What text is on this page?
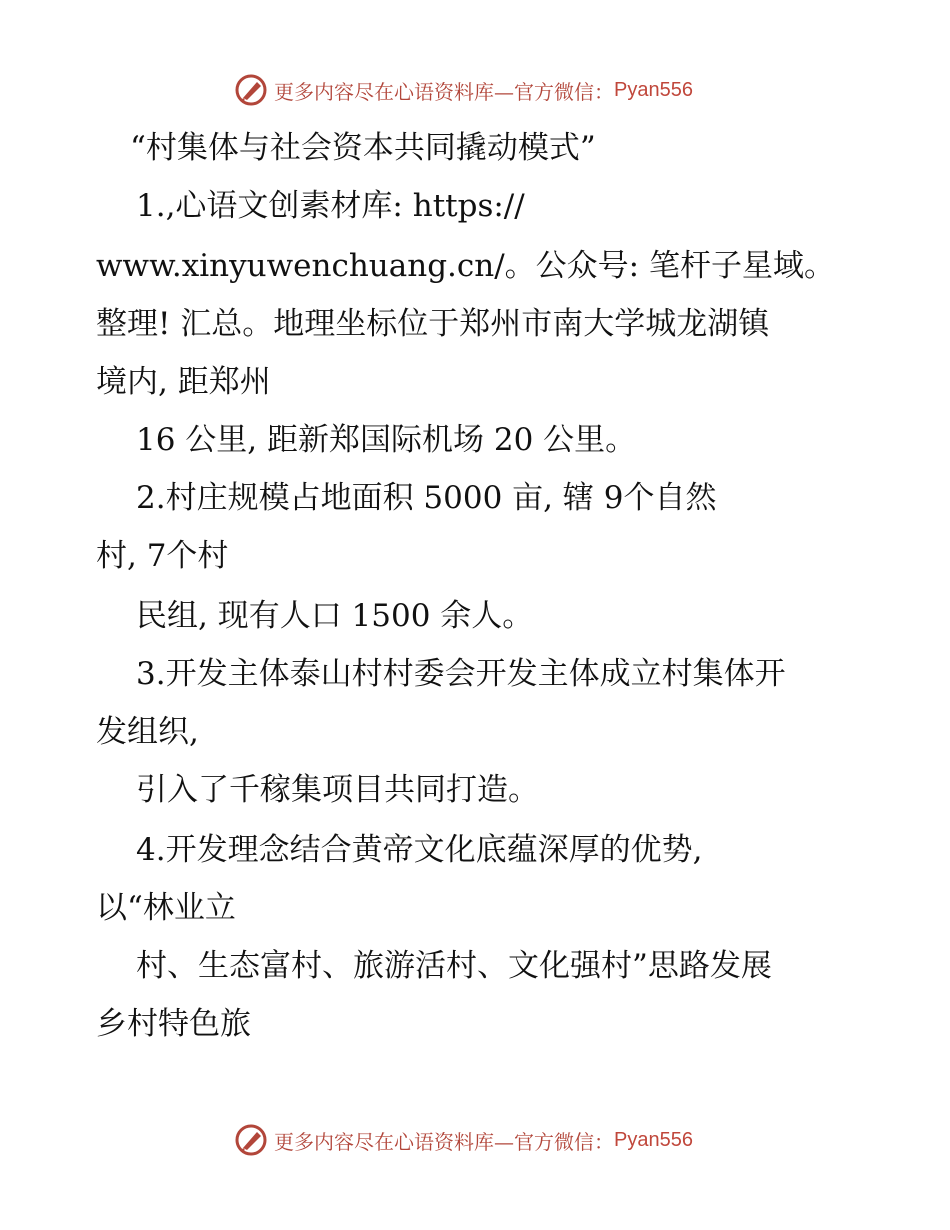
更多内容尽在心语资料库—官方微信： Pyan556
“村集体与社会资本共同撬动模式”
1.,心语文创素材库: https://
www.xinyuwenchuang.cn/。公众号: 笔杆子星域。
整理! 汇总。地理坐标位于郑州市南大学城龙湖镇
境内, 距郑州
16 公里, 距新郑国际机场 20 公里。
2.村庄规模占地面积 5000 亩, 辖 9个自然
村, 7个村
民组, 现有人口 1500 余人。
3.开发主体泰山村村委会开发主体成立村集体开
发组织,
引入了千稼集项目共同打造。
4.开发理念结合黄帝文化底蕴深厚的优势,
以“林业立
村、生态富村、旅游活村、文化强村”思路发展
乡村特色旅
更多内容尽在心语资料库—官方微信： Pyan556
